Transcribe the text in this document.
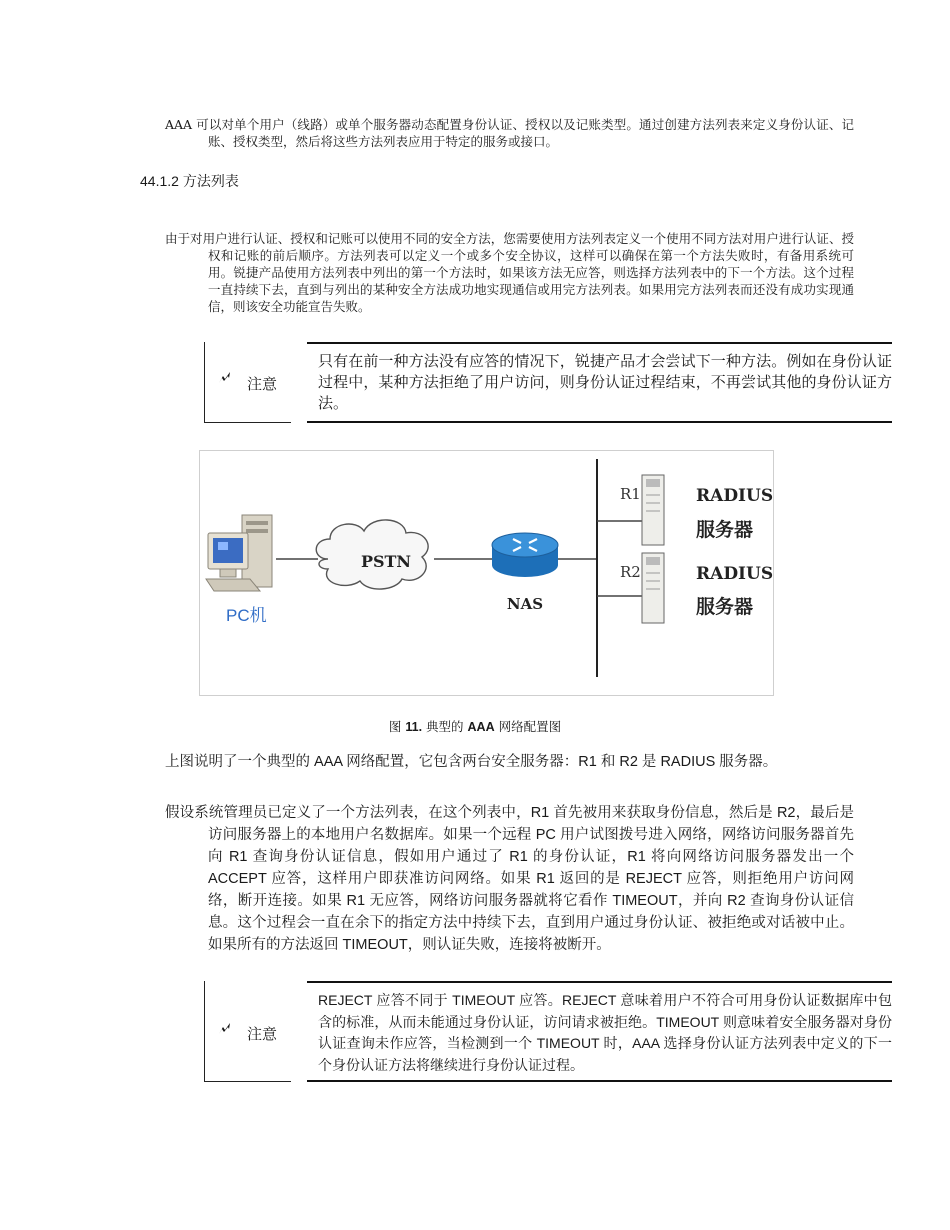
AAA 可以对单个用户（线路）或单个服务器动态配置身份认证、授权以及记账类型。通过创建方法列表来定义身份认证、记账、授权类型，然后将这些方法列表应用于特定的服务或接口。

44.1.2 方法列表

由于对用户进行认证、授权和记账可以使用不同的安全方法，您需要使用方法列表定义一个使用不同方法对用户进行认证、授权和记账的前后顺序。方法列表可以定义一个或多个安全协议，这样可以确保在第一个方法失败时，有备用系统可用。锐捷产品使用方法列表中列出的第一个方法时，如果该方法无应答，则选择方法列表中的下一个方法。这个过程一直持续下去，直到与列出的某种安全方法成功地实现通信或用完方法列表。如果用完方法列表而还没有成功实现通信，则该安全功能宣告失败。

注意

只有在前一种方法没有应答的情况下，锐捷产品才会尝试下一种方法。例如在身份认证过程中，某种方法拒绝了用户访问，则身份认证过程结束，不再尝试其他的身份认证方法。

PSTN
NAS
R1	RADIUS
服务器
R2	RADIUS
服务器
PC机

图 11. 典型的 AAA 网络配置图

上图说明了一个典型的 AAA 网络配置，它包含两台安全服务器：R1 和 R2 是 RADIUS 服务器。

假设系统管理员已定义了一个方法列表，在这个列表中，R1 首先被用来获取身份信息，然后是 R2，最后是访问服务器上的本地用户名数据库。如果一个远程 PC 用户试图拨号进入网络，网络访问服务器首先向 R1 查询身份认证信息，假如用户通过了 R1 的身份认证，R1 将向网络访问服务器发出一个 ACCEPT 应答，这样用户即获准访问网络。如果 R1 返回的是 REJECT 应答，则拒绝用户访问网络，断开连接。如果 R1 无应答，网络访问服务器就将它看作 TIMEOUT，并向 R2 查询身份认证信息。这个过程会一直在余下的指定方法中持续下去，直到用户通过身份认证、被拒绝或对话被中止。如果所有的方法返回 TIMEOUT，则认证失败，连接将被断开。

注意

REJECT 应答不同于 TIMEOUT 应答。REJECT 意味着用户不符合可用身份认证数据库中包含的标准，从而未能通过身份认证，访问请求被拒绝。TIMEOUT 则意味着安全服务器对身份认证查询未作应答，当检测到一个 TIMEOUT 时，AAA 选择身份认证方法列表中定义的下一个身份认证方法将继续进行身份认证过程。
